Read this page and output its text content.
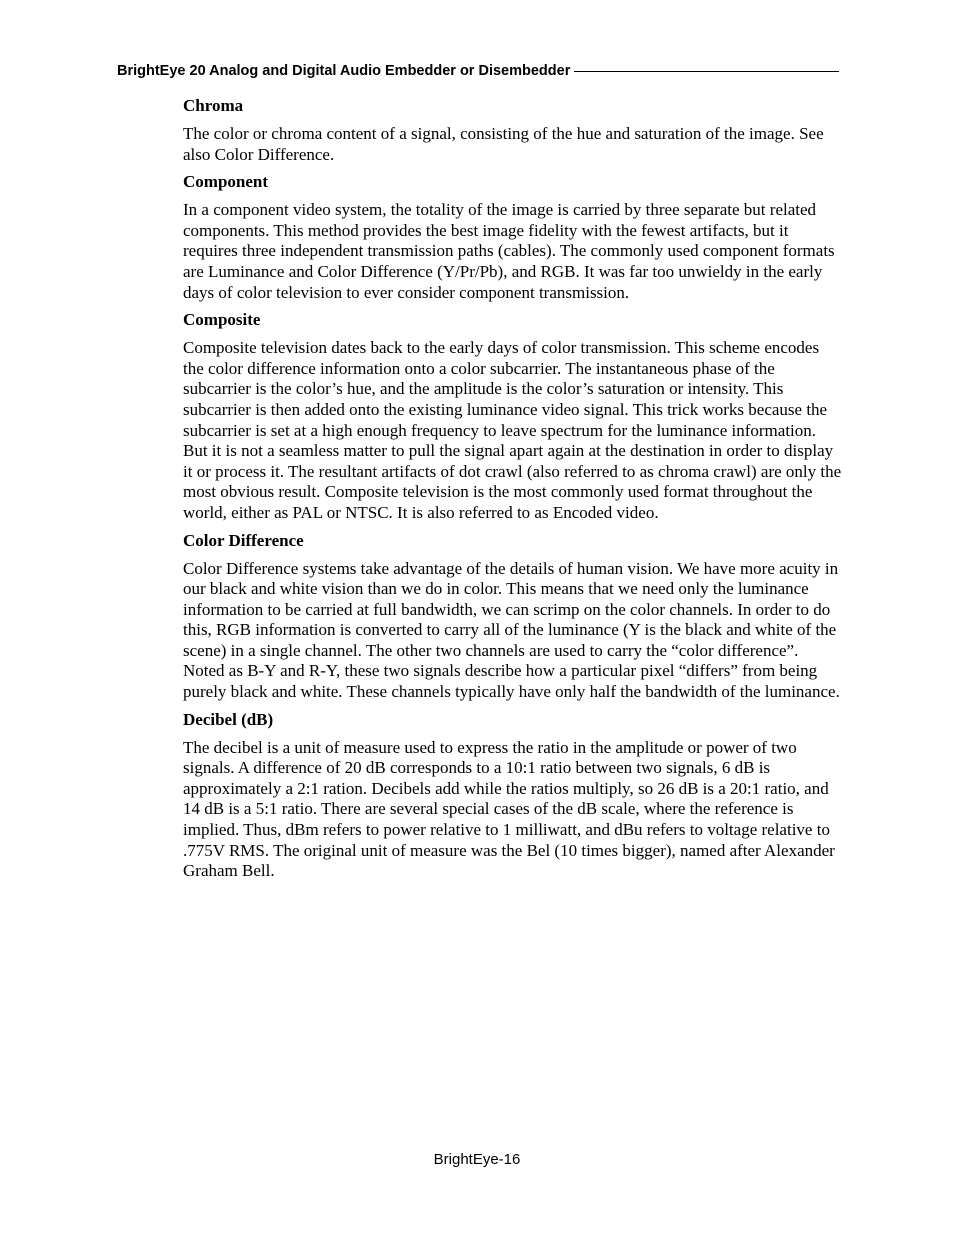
BrightEye 20 Analog and Digital Audio Embedder or Disembedder

Chroma

The color or chroma content of a signal, consisting of the hue and saturation of the image. See also Color Difference.

Component

In a component video system, the totality of the image is carried by three separate but related components. This method provides the best image fidelity with the fewest artifacts, but it requires three independent transmission paths (cables). The commonly used component formats are Luminance and Color Difference (Y/Pr/Pb), and RGB. It was far too unwieldy in the early days of color television to ever consider component transmission.

Composite

Composite television dates back to the early days of color transmission. This scheme encodes the color difference information onto a color subcarrier. The instantaneous phase of the subcarrier is the color’s hue, and the amplitude is the color’s saturation or intensity. This subcarrier is then added onto the existing luminance video signal. This trick works because the subcarrier is set at a high enough frequency to leave spectrum for the luminance information. But it is not a seamless matter to pull the signal apart again at the destination in order to display it or process it. The resultant artifacts of dot crawl (also referred to as chroma crawl) are only the most obvious result. Composite television is the most commonly used format throughout the world, either as PAL or NTSC. It is also referred to as Encoded video.

Color Difference

Color Difference systems take advantage of the details of human vision. We have more acuity in our black and white vision than we do in color. This means that we need only the luminance information to be carried at full bandwidth, we can scrimp on the color channels. In order to do this, RGB information is converted to carry all of the luminance (Y is the black and white of the scene) in a single channel. The other two channels are used to carry the “color difference”. Noted as B-Y and R-Y, these two signals describe how a particular pixel “differs” from being purely black and white. These channels typically have only half the bandwidth of the luminance.

Decibel (dB)

The decibel is a unit of measure used to express the ratio in the amplitude or power of two signals. A difference of 20 dB corresponds to a 10:1 ratio between two signals, 6 dB is approximately a 2:1 ration. Decibels add while the ratios multiply, so 26 dB is a 20:1 ratio, and 14 dB is a 5:1 ratio. There are several special cases of the dB scale, where the reference is implied. Thus, dBm refers to power relative to 1 milliwatt, and dBu refers to voltage relative to .775V RMS. The original unit of measure was the Bel (10 times bigger), named after Alexander Graham Bell.

BrightEye-16
